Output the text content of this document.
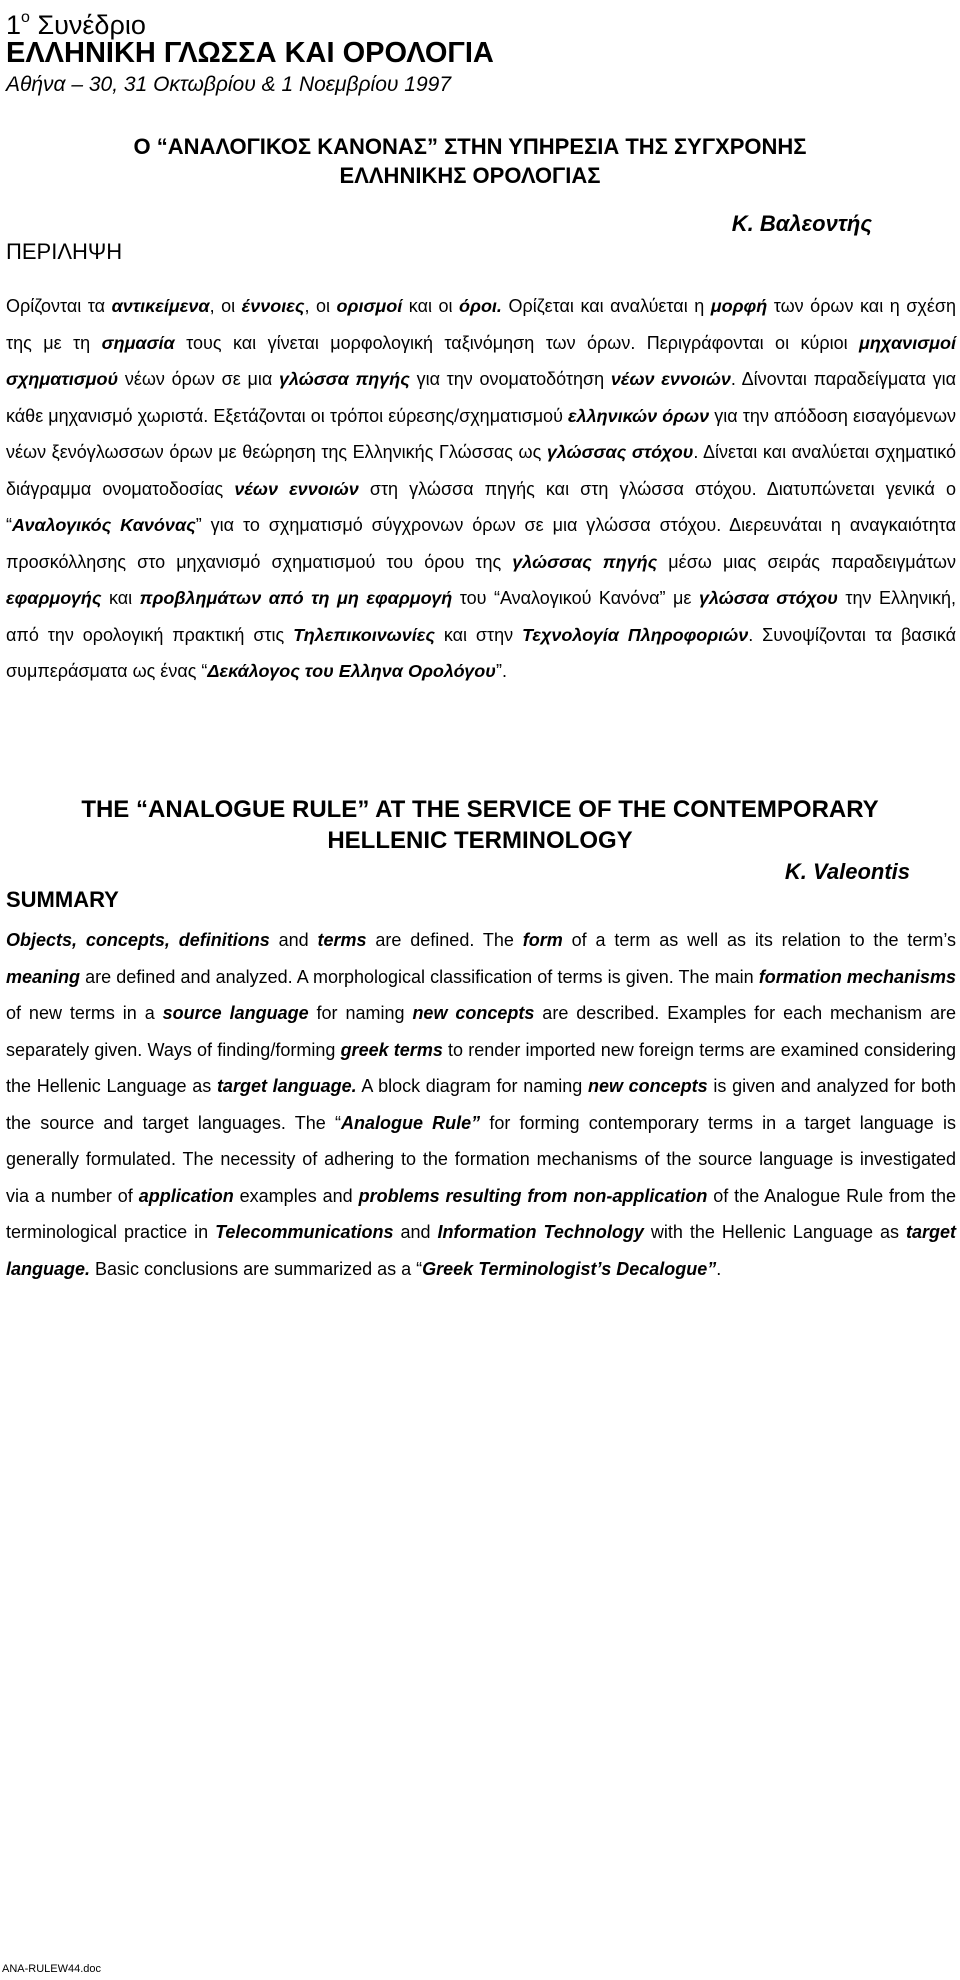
$1^o$ Συνέδριο
ΕΛΛΗΝΙΚΗ ΓΛΩΣΣΑ ΚΑΙ ΟΡΟΛΟΓΙΑ
Αθήνα – 30, 31 Οκτωβρίου & 1 Νοεμβρίου 1997
Ο “ΑΝΑΛΟΓΙΚΟΣ ΚΑΝΟΝΑΣ” ΣΤΗΝ ΥΠΗΡΕΣΙΑ ΤΗΣ ΣΥΓΧΡΟΝΗΣ
ΕΛΛΗΝΙΚΗΣ ΟΡΟΛΟΓΙΑΣ
Κ. Βαλεοντής
ΠΕΡΙΛΗΨΗ

Ορίζονται τα αντικείμενα, οι έννοιες, οι ορισμοί και οι όροι. Ορίζεται και αναλύεται η μορφή των όρων και η σχέση της με τη σημασία τους και γίνεται μορφολογική ταξινόμηση των όρων. Περιγράφονται οι κύριοι μηχανισμοί σχηματισμού νέων όρων σε μια γλώσσα πηγής για την ονοματοδότηση νέων εννοιών. Δίνονται παραδείγματα για κάθε μηχανισμό χωριστά. Εξετάζονται οι τρόποι εύρεσης/σχηματισμού ελληνικών όρων για την απόδοση εισαγόμενων νέων ξενόγλωσσων όρων με θεώρηση της Ελληνικής Γλώσσας ως γλώσσας στόχου. Δίνεται και αναλύεται σχηματικό διάγραμμα ονοματοδοσίας νέων εννοιών στη γλώσσα πηγής και στη γλώσσα στόχου. Διατυπώνεται γενικά ο “Αναλογικός Κανόνας” για το σχηματισμό σύγχρονων όρων σε μια γλώσσα στόχου. Διερευνάται η αναγκαιότητα προσκόλλησης στο μηχανισμό σχηματισμού του όρου της γλώσσας πηγής μέσω μιας σειράς παραδειγμάτων εφαρμογής και προβλημάτων από τη μη εφαρμογή του “Αναλογικού Κανόνα” με γλώσσα στόχου την Ελληνική, από την ορολογική πρακτική στις Τηλεπικοινωνίες και στην Τεχνολογία Πληροφοριών. Συνοψίζονται τα βασικά συμπεράσματα ως ένας “Δεκάλογος του Ελληνα Ορολόγου”.

THE “ANALOGUE RULE” AT THE SERVICE OF THE CONTEMPORARY
HELLENIC TERMINOLOGY
K. Valeontis
SUMMARY

Objects, concepts, definitions and terms are defined. The form of a term as well as its relation to the term’s meaning are defined and analyzed. A morphological classification of terms is given. The main formation mechanisms of new terms in a source language for naming new concepts are described. Examples for each mechanism are separately given. Ways of finding/forming greek terms to render imported new foreign terms are examined considering the Hellenic Language as target language. A block diagram for naming new concepts is given and analyzed for both the source and target languages. The “Analogue Rule” for forming contemporary terms in a target language is generally formulated. The necessity of adhering to the formation mechanisms of the source language is investigated via a number of application examples and problems resulting from non-application of the Analogue Rule from the terminological practice in Telecommunications and Information Technology with the Hellenic Language as target language. Basic conclusions are summarized as a “Greek Terminologist’s Decalogue”.

ANA-RULEW44.doc
